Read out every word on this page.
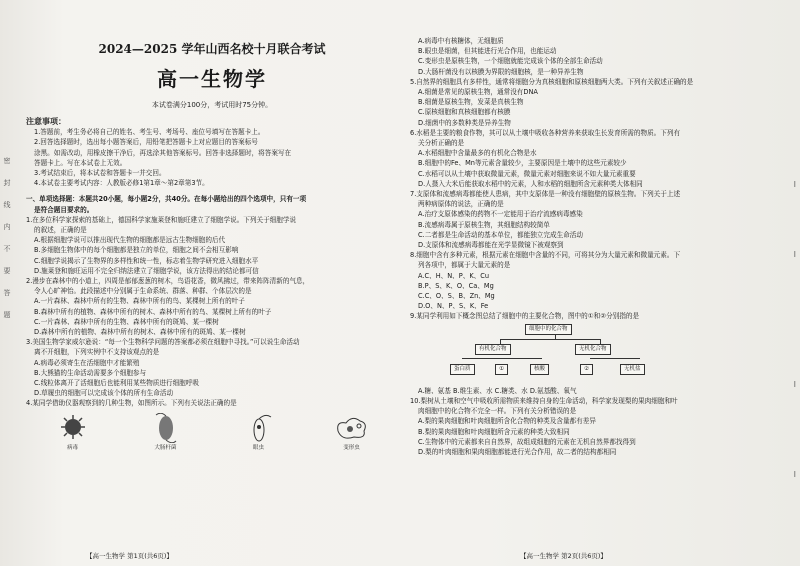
密
封
线
内
不
要
答
题
I
I
I
I
2024—2025 学年山西名校十月联合考试
高一生物学
本试卷满分100分，考试用时75分钟。
注意事项：
1.答题前，考生务必将自己的姓名、考生号、考场号、座位号填写在答题卡上。
2.回答选择题时，选出每小题答案后，用铅笔把答题卡上对应题目的答案标号
涂黑。如需改动，用橡皮擦干净后，再选涂其他答案标号。回答非选择题时，将答案写在
答题卡上。写在本试卷上无效。
3.考试结束后，将本试卷和答题卡一并交回。
4.本试卷主要考试内容：人教版必修1第1章～第2章第3节。
一、单项选择题：本题共20小题，每小题2分，共40分。在每小题给出的四个选项中，只有一项
是符合题目要求的。
1.在多位科学家探索的基础上，德国科学家施莱登和施旺建立了细胞学说。下列关于细胞学说
的叙述，正确的是
A.根据细胞学说可以推出现代生物的细胞都是远古生物细胞的后代
B.多细胞生物体中的每个细胞都是独立的单位，细胞之间不会相互影响
C.细胞学说揭示了生物界的多样性和统一性，标志着生物学研究进入细胞水平
D.施莱登和施旺运用不完全归纳法建立了细胞学说，该方法得出的结论都可信
2.漫步在森林中的小道上，四周是郁郁葱葱的树木，鸟语花香，微风拂过，带来阵阵清新的气息，
令人心旷神怡。此段描述中分别属于生命系统、群落、种群、个体层次的是
A.一片森林、森林中所有的生物、森林中所有的鸟、某棵树上所有的叶子
B.森林中所有的植物、森林中所有的树木、森林中所有的鸟、某棵树上所有的叶子
C.一片森林、森林中所有的生物、森林中所有的斑鸠、某一棵树
D.森林中所有的植物、森林中所有的树木、森林中所有的斑鸠、某一棵树
3.美国生物学家威尔逊说：“每一个生物科学问题的答案都必须在细胞中寻找。”可以说生命活动
离不开细胞，下列实例中不支持该观点的是
A.病毒必须寄生在活细胞中才能繁殖
B.大熊猫的生命活动需要多个细胞参与
C.线粒体离开了活细胞后也能利用某些物质进行细胞呼吸
D.草履虫的细胞可以完成该个体的所有生命活动
4.某同学借助仪器观察到的几种生物，如图所示。下列有关说法正确的是
病毒	大肠杆菌	眼虫	变形虫
【高一生物学 第1页(共6页)】
A.病毒中有核糖体，无细胞质
B.眼虫是细菌，但其能进行光合作用，也能运动
C.变形虫是原核生物，一个细胞就能完成该个体的全部生命活动
D.大肠杆菌没有以核膜为界限的细胞核，是一种异养生物
5.自然界的细胞具有多样性，通常将细胞分为真核细胞和原核细胞两大类。下列有关叙述正确的是
A.细菌是常见的原核生物，通常没有DNA
B.细菌是原核生物，发菜是真核生物
C.原核细胞和真核细胞都有核膜
D.细菌中的多数种类是异养生物
6.水稻是主要的粮食作物，其可以从土壤中吸收各种营养来获取生长发育所需的物质。下列有
关分析正确的是
A.水稻细胞中含量最多的有机化合物是水
B.细胞中的Fe、Mn等元素含量较少，主要原因是土壤中的这些元素较少
C.水稻可以从土壤中获取微量元素，微量元素对细胞来说不如大量元素重要
D.人摄入大米后能获取水稻中的元素，人和水稻的细胞所含元素种类大体相同
7.支原体和流感病毒都能使人患病，其中支原体是一种没有细胞壁的原核生物。下列关于上述
两种病原体的说法，正确的是
A.治疗支原体感染的药物不一定能用于治疗流感病毒感染
B.流感病毒属于原核生物，其细胞结构较简单
C.二者都是生命活动的基本单位，都能独立完成生命活动
D.支原体和流感病毒都能在光学显微镜下被观察到
8.细胞中含有多种元素，根据元素在细胞中含量的不同，可将其分为大量元素和微量元素。下
列各项中，都属于大量元素的是
A.C、H、N、P、K、Cu
B.P、S、K、O、Ca、Mg
C.C、O、S、B、Zn、Mg
D.O、N、P、S、K、Fe
9.某同学利用如下概念图总结了细胞中的主要化合物，图中的①和②分别指的是
细胞中的化合物
有机化合物	无机化合物
蛋白质	①	核酸	②	无机盐
A.糖、氨基 B.维生素、水 C.糖类、水 D.氨基酸、氧气
10.梨树从土壤和空气中吸收所需物质来维持自身的生命活动，科学家发现梨的果肉细胞和叶
肉细胞中的化合物不完全一样。下列有关分析错误的是
A.梨的果肉细胞和叶肉细胞所含化合物的种类及含量都有差异
B.梨的果肉细胞和叶肉细胞所含元素的种类大致相同
C.生物体中的元素都来自自然界，故组成细胞的元素在无机自然界都找得到
D.梨的叶肉细胞和果肉细胞都能进行光合作用，故二者的结构都相同
【高一生物学 第2页(共6页)】
